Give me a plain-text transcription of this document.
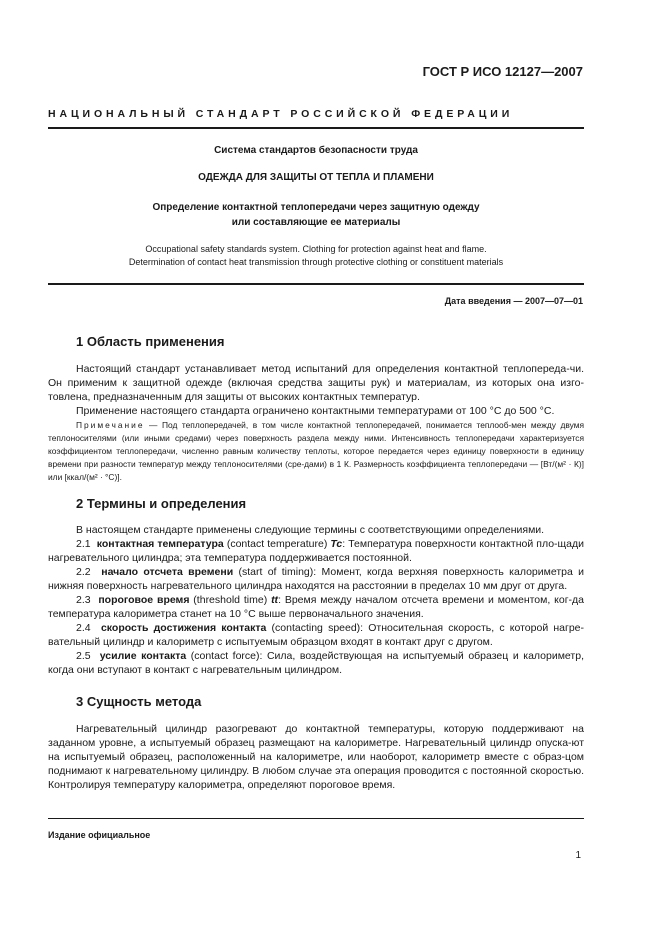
ГОСТ Р ИСО 12127—2007
НАЦИОНАЛЬНЫЙ СТАНДАРТ РОССИЙСКОЙ ФЕДЕРАЦИИ
Система стандартов безопасности труда
ОДЕЖДА ДЛЯ ЗАЩИТЫ ОТ ТЕПЛА И ПЛАМЕНИ
Определение контактной теплопередачи через защитную одежду
или составляющие ее материалы
Occupational safety standards system. Clothing for protection against heat and flame.
Determination of contact heat transmission through protective clothing or constituent materials
Дата введения — 2007—07—01
1 Область применения

Настоящий стандарт устанавливает метод испытаний для определения контактной теплопереда-чи. Он применим к защитной одежде (включая средства защиты рук) и материалам, из которых она изго-товлена, предназначенным для защиты от высоких контактных температур.

Применение настоящего стандарта ограничено контактными температурами от 100 °С до 500 °С.

Примечание — Под теплопередачей, в том числе контактной теплопередачей, понимается теплооб-мен между двумя теплоносителями (или иными средами) через поверхность раздела между ними. Интенсивность теплопередачи характеризуется коэффициентом теплопередачи, численно равным количеству теплоты, которое передается через единицу поверхности в единицу времени при разности температур между теплоносителями (сре-дами) в 1 К. Размерность коэффициента теплопередачи — [Вт/(м² · К)] или [ккал/(м² · °С)].

2 Термины и определения

В настоящем стандарте применены следующие термины с соответствующими определениями.

2.1 контактная температура (contact temperature) Tc: Температура поверхности контактной пло-щади нагревательного цилиндра; эта температура поддерживается постоянной.

2.2 начало отсчета времени (start of timing): Момент, когда верхняя поверхность калориметра и нижняя поверхность нагревательного цилиндра находятся на расстоянии в пределах 10 мм друг от друга.

2.3 пороговое время (threshold time) tt: Время между началом отсчета времени и моментом, ког-да температура калориметра станет на 10 °С выше первоначального значения.

2.4 скорость достижения контакта (contacting speed): Относительная скорость, с которой нагре-вательный цилиндр и калориметр с испытуемым образцом входят в контакт друг с другом.

2.5 усилие контакта (contact force): Сила, воздействующая на испытуемый образец и калориметр, когда они вступают в контакт с нагревательным цилиндром.

3 Сущность метода

Нагревательный цилиндр разогревают до контактной температуры, которую поддерживают на заданном уровне, а испытуемый образец размещают на калориметре. Нагревательный цилиндр опуска-ют на испытуемый образец, расположенный на калориметре, или наоборот, калориметр вместе с образ-цом поднимают к нагревательному цилиндру. В любом случае эта операция проводится с постоянной скоростью. Контролируя температуру калориметра, определяют пороговое время.

Издание официальное
1
